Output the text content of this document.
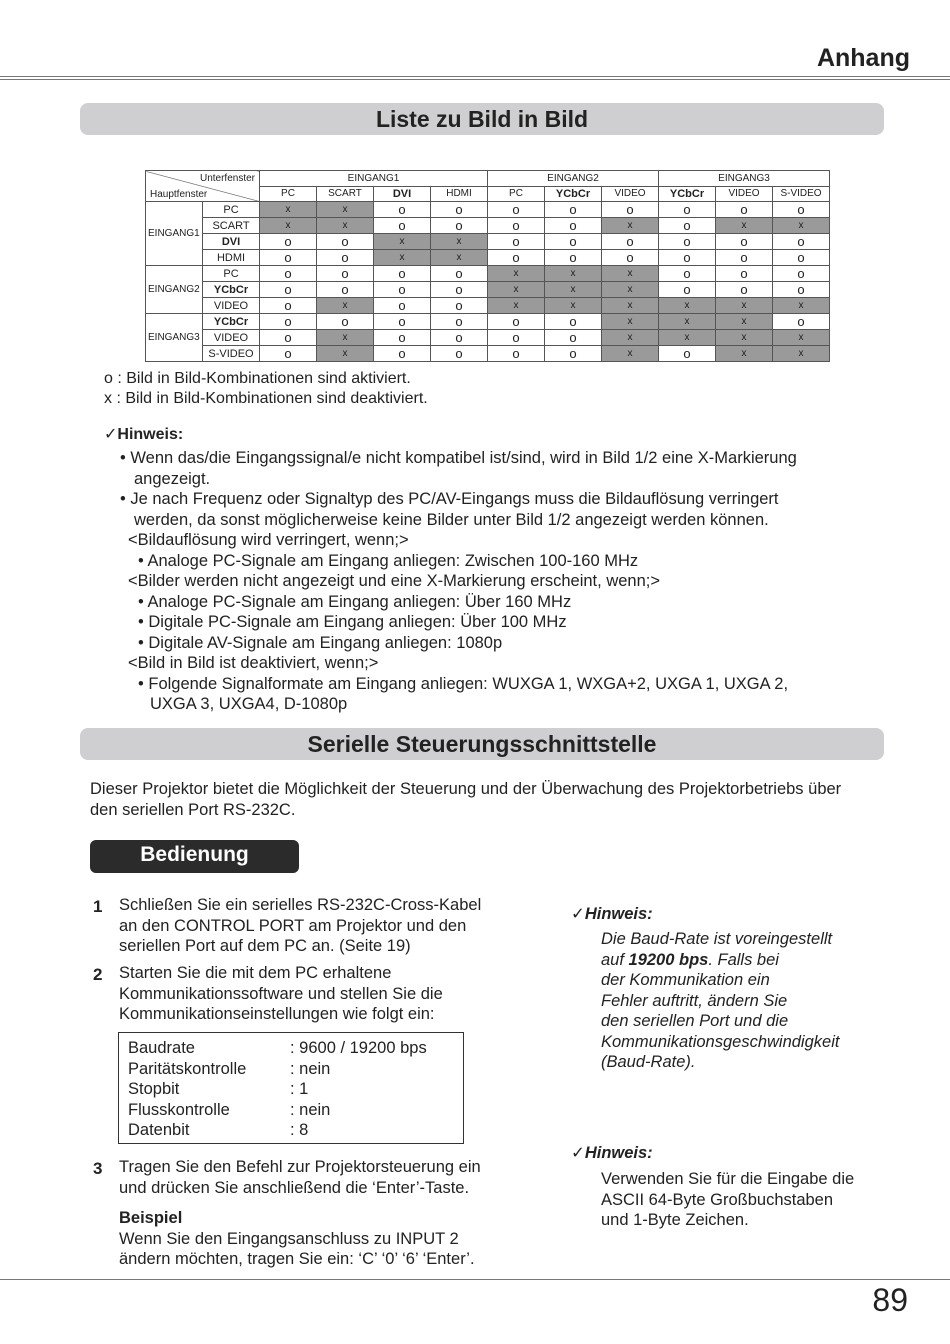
Anhang
Liste zu Bild in Bild
Unterfenster
Hauptfenster		EINGANG1				EINGANG2			EINGANG3		
		PC	SCART	DVI	HDMI	PC	YCbCr	VIDEO	YCbCr	VIDEO	S-VIDEO
EINGANG1	PC	x	x	o	o	o	o	o	o	o	o
	SCART	x	x	o	o	o	o	x	o	x	x
	DVI	o	o	x	x	o	o	o	o	o	o
	HDMI	o	o	x	x	o	o	o	o	o	o
EINGANG2	PC	o	o	o	o	x	x	x	o	o	o
	YCbCr	o	o	o	o	x	x	x	o	o	o
	VIDEO	o	x	o	o	x	x	x	x	x	x
EINGANG3	YCbCr	o	o	o	o	o	o	x	x	x	o
	VIDEO	o	x	o	o	o	o	x	x	x	x
	S-VIDEO	o	x	o	o	o	o	x	o	x	x
o : Bild in Bild-Kombinationen sind aktiviert.
x : Bild in Bild-Kombinationen sind deaktiviert.
✓Hinweis:
• Wenn das/die Eingangssignal/e nicht kompatibel ist/sind, wird in Bild 1/2 eine X-Markierung
angezeigt.
• Je nach Frequenz oder Signaltyp des PC/AV-Eingangs muss die Bildauflösung verringert
werden, da sonst möglicherweise keine Bilder unter Bild 1/2 angezeigt werden können.
<Bildauflösung wird verringert, wenn;>
• Analoge PC-Signale am Eingang anliegen: Zwischen 100-160 MHz
<Bilder werden nicht angezeigt und eine X-Markierung erscheint, wenn;>
• Analoge PC-Signale am Eingang anliegen: Über 160 MHz
• Digitale PC-Signale am Eingang anliegen: Über 100 MHz
• Digitale AV-Signale am Eingang anliegen: 1080p
<Bild in Bild ist deaktiviert, wenn;>
• Folgende Signalformate am Eingang anliegen: WUXGA 1, WXGA+2, UXGA 1, UXGA 2,
UXGA 3, UXGA4, D-1080p
Serielle Steuerungsschnittstelle
Dieser Projektor bietet die Möglichkeit der Steuerung und der Überwachung des Projektorbetriebs über
den seriellen Port RS-232C.
Bedienung
1 Schließen Sie ein serielles RS-232C-Cross-Kabel
an den CONTROL PORT am Projektor und den
seriellen Port auf dem PC an. (Seite 19)
2 Starten Sie die mit dem PC erhaltene
Kommunikationssoftware und stellen Sie die
Kommunikationseinstellungen wie folgt ein:
Baudrate	: 9600 / 19200 bps
Paritätskontrolle	: nein
Stopbit	: 1
Flusskontrolle	: nein
Datenbit	: 8
3 Tragen Sie den Befehl zur Projektorsteuerung ein
und drücken Sie anschließend die ‘Enter’-Taste.
Beispiel
Wenn Sie den Eingangsanschluss zu INPUT 2
ändern möchten, tragen Sie ein: ‘C’ ‘0’ ‘6’ ‘Enter’.
✓Hinweis:
Die Baud-Rate ist voreingestellt
auf 19200 bps. Falls bei
der Kommunikation ein
Fehler auftritt, ändern Sie
den seriellen Port und die
Kommunikationsgeschwindigkeit
(Baud-Rate).
✓Hinweis:
Verwenden Sie für die Eingabe die
ASCII 64-Byte Großbuchstaben
und 1-Byte Zeichen.
89
